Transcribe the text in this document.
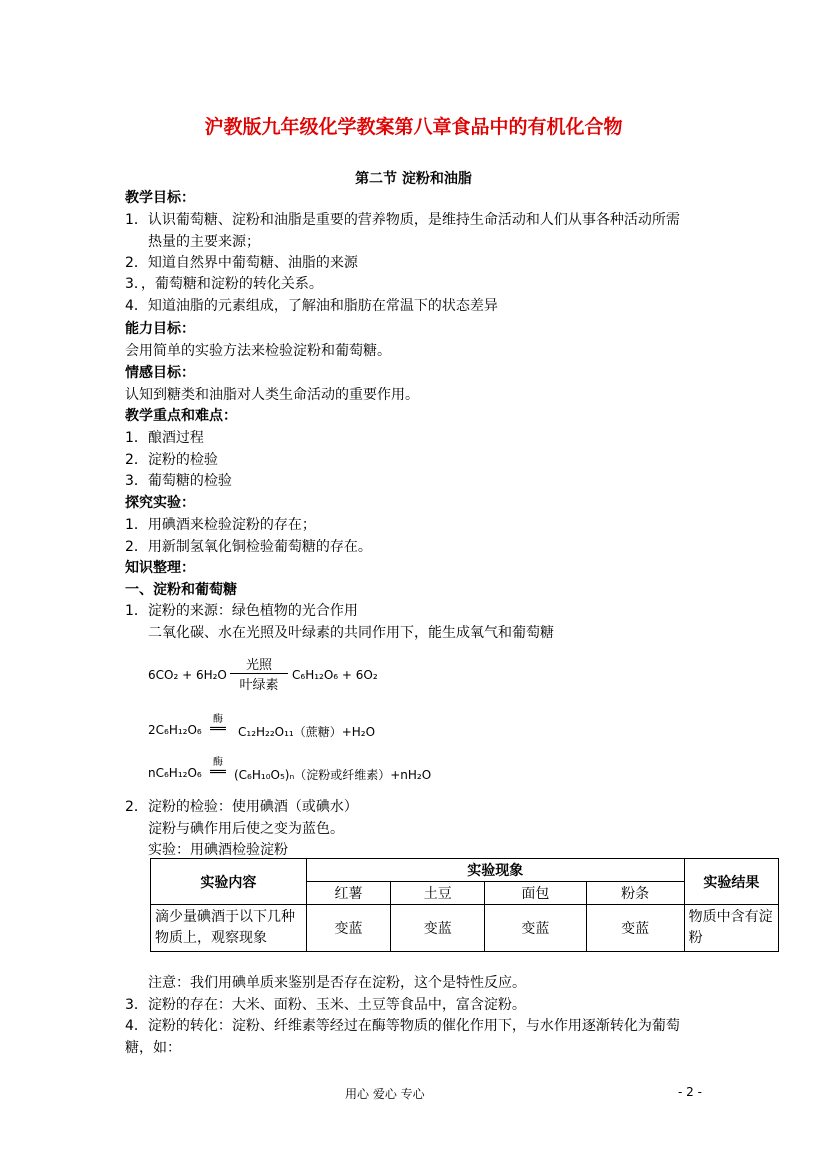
沪教版九年级化学教案第八章食品中的有机化合物
第二节 淀粉和油脂
教学目标：
1．认识葡萄糖、淀粉和油脂是重要的营养物质，是维持生命活动和人们从事各种活动所需
热量的主要来源；
2．知道自然界中葡萄糖、油脂的来源
3．，葡萄糖和淀粉的转化关系。
4．知道油脂的元素组成，了解油和脂肪在常温下的状态差异
能力目标：
会用简单的实验方法来检验淀粉和葡萄糖。
情感目标：
认知到糖类和油脂对人类生命活动的重要作用。
教学重点和难点：
1．酿酒过程
2．淀粉的检验
3．葡萄糖的检验
探究实验：
1．用碘酒来检验淀粉的存在；
2．用新制氢氧化铜检验葡萄糖的存在。
知识整理：
一、淀粉和葡萄糖
1．淀粉的来源：绿色植物的光合作用
二氧化碳、水在光照及叶绿素的共同作用下，能生成氧气和葡萄糖
6CO₂ + 6H₂O
光照
叶绿素
C₆H₁₂O₆ + 6O₂
2C₆H₁₂O₆
酶
══ C₁₂H₂₂O₁₁（蔗糖）+H₂O
nC₆H₁₂O₆
酶
══ (C₆H₁₀O₅)ₙ（淀粉或纤维素）+nH₂O
2．淀粉的检验：使用碘酒（或碘水）
淀粉与碘作用后使之变为蓝色。
实验：用碘酒检验淀粉
实验内容	实验现象				实验结果
	红薯	土豆	面包	粉条	
滴少量碘酒于以下几种物质上，观察现象	变蓝	变蓝	变蓝	变蓝	物质中含有淀粉
注意：我们用碘单质来鉴别是否存在淀粉，这个是特性反应。
3．淀粉的存在：大米、面粉、玉米、土豆等食品中，富含淀粉。
4．淀粉的转化：淀粉、纤维素等经过在酶等物质的催化作用下，与水作用逐渐转化为葡萄
糖，如：
用心 爱心 专心	- 2 -
